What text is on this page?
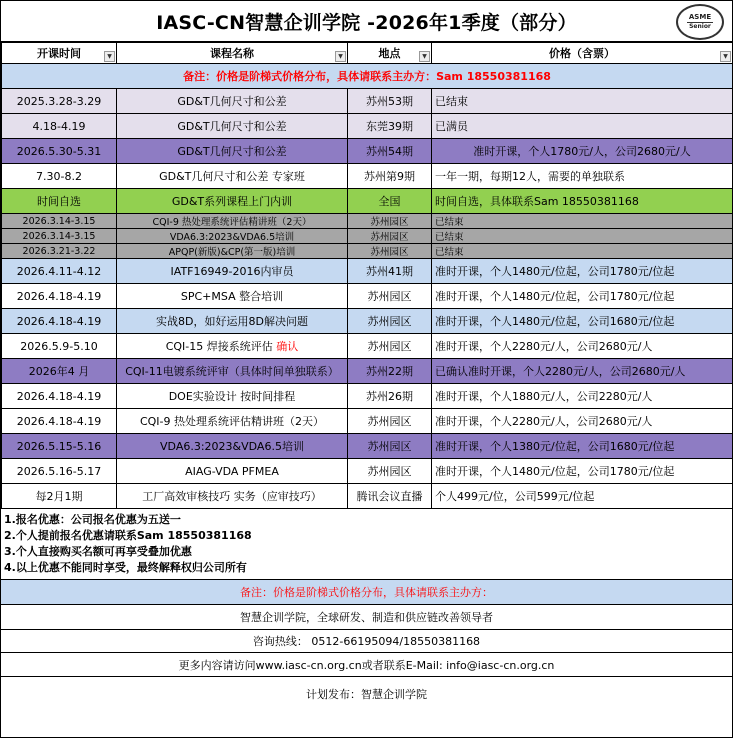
IASC-CN智慧企训学院 -2026年1季度（部分）	ASME
Senior
开课时间 ▼	课程名称 ▼	地点 ▼	价格（含票） ▼

备注：价格是阶梯式价格分布，具体请联系主办方：Sam 18550381168			
2025.3.28-3.29	GD&T几何尺寸和公差	苏州53期	已结束
4.18-4.19	GD&T几何尺寸和公差	东莞39期	已满员
2026.5.30-5.31	GD&T几何尺寸和公差	苏州54期	准时开课，个人1780元/人，公司2680元/人
7.30-8.2	GD&T几何尺寸和公差 专家班	苏州第9期	一年一期，每期12人，需要的单独联系
时间自选	GD&T系列课程上门内训	全国	时间自选，具体联系Sam 18550381168
2026.3.14-3.15	CQI-9 热处理系统评估精讲班（2天）	苏州园区	已结束
2026.3.14-3.15	VDA6.3:2023&VDA6.5培训	苏州园区	已结束
2026.3.21-3.22	APQP(新版)&CP(第一版)培训	苏州园区	已结束
2026.4.11-4.12	IATF16949-2016内审员	苏州41期	准时开课，个人1480元/位起，公司1780元/位起
2026.4.18-4.19	SPC+MSA 整合培训	苏州园区	准时开课，个人1480元/位起，公司1780元/位起
2026.4.18-4.19	实战8D，如好运用8D解决问题	苏州园区	准时开课，个人1480元/位起，公司1680元/位起
2026.5.9-5.10	CQI-15 焊接系统评估 确认	苏州园区	准时开课，个人2280元/人，公司2680元/人
2026年4 月	CQI-11电镀系统评审（具体时间单独联系）	苏州22期	已确认准时开课，个人2280元/人，公司2680元/人
2026.4.18-4.19	DOE实验设计 按时间排程	苏州26期	准时开课，个人1880元/人，公司2280元/人
2026.4.18-4.19	CQI-9 热处理系统评估精讲班（2天）	苏州园区	准时开课，个人2280元/人，公司2680元/人
2026.5.15-5.16	VDA6.3:2023&VDA6.5培训	苏州园区	准时开课，个人1380元/位起，公司1680元/位起
2026.5.16-5.17	AIAG-VDA PFMEA	苏州园区	准时开课，个人1480元/位起，公司1780元/位起
每2月1期	工厂高效审核技巧 实务（应审技巧）	腾讯会议直播	个人499元/位，公司599元/位起
1.报名优惠：公司报名优惠为五送一
2.个人提前报名优惠请联系Sam 18550381168
3.个人直接购买名额可再享受叠加优惠
4.以上优惠不能同时享受，最终解释权归公司所有
备注：价格是阶梯式价格分布，具体请联系主办方：
智慧企训学院，全球研发、制造和供应链改善领导者
咨询热线： 0512-66195094/18550381168
更多内容请访问www.iasc-cn.org.cn或者联系E-Mail: info@iasc-cn.org.cn
计划发布：智慧企训学院
